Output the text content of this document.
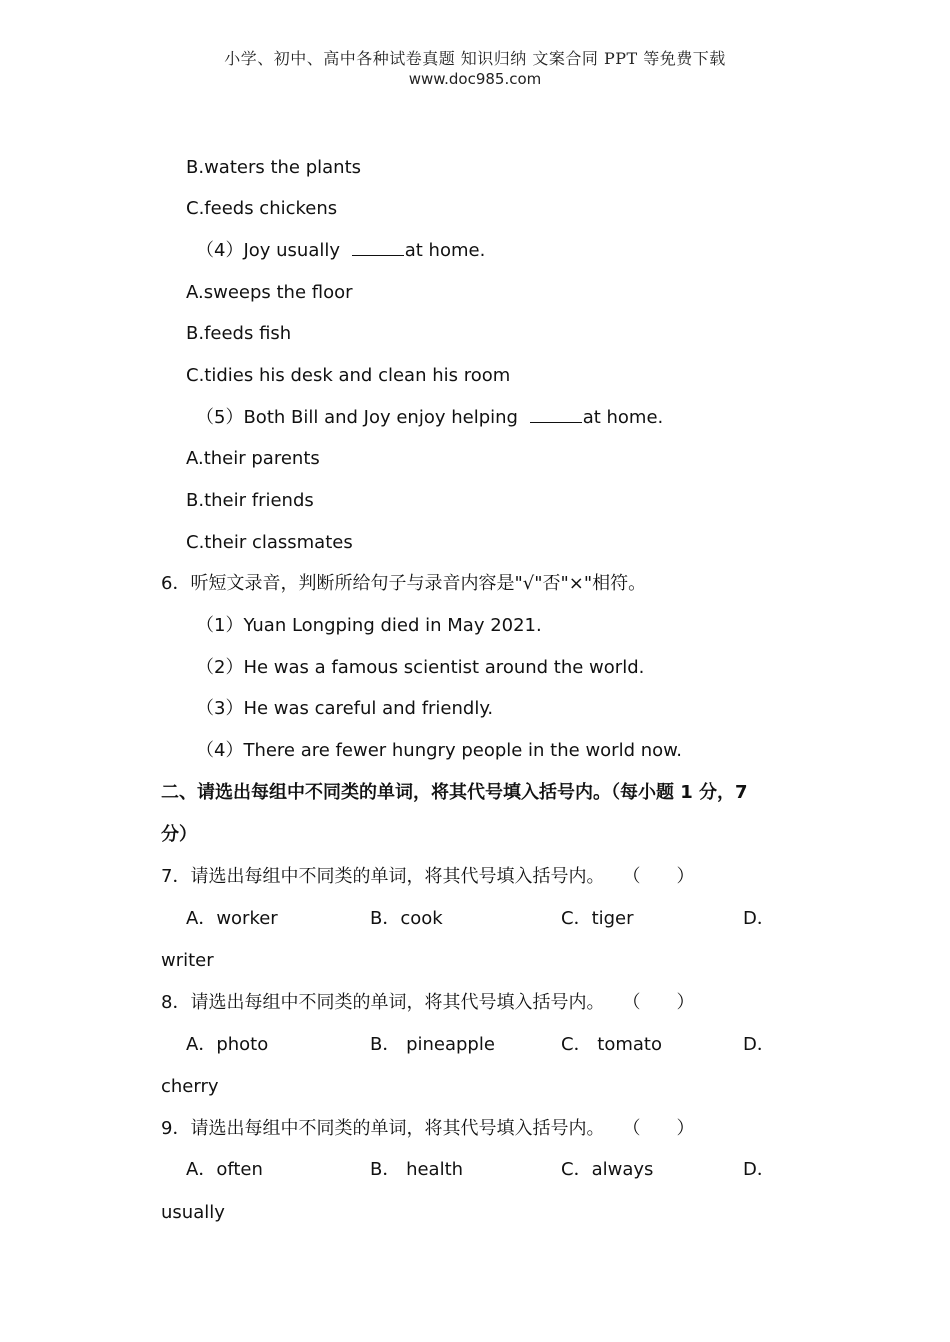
小学、初中、高中各种试卷真题 知识归纳 文案合同 PPT 等免费下载
www.doc985.com
B.waters the plants
C.feeds chickens
（4）Joy usually	at home.
A.sweeps the floor
B.feeds fish
C.tidies his desk and clean his room
（5）Both Bill and Joy enjoy helping	at home.
A.their parents
B.their friends
C.their classmates
6．听短文录音，判断所给句子与录音内容是"√"否"×"相符。
（1）Yuan Longping died in May 2021.
（2）He was a famous scientist around the world.
（3）He was careful and friendly.
（4）There are fewer hungry people in the world now.
二、请选出每组中不同类的单词，将其代号填入括号内。（每小题 1 分，7
分）
7．请选出每组中不同类的单词，将其代号填入括号内。 （　　）
A．worker	B．cook	C．tiger	D．
writer
8．请选出每组中不同类的单词，将其代号填入括号内。 （　　）
A．photo	B． pineapple	C． tomato	D．
cherry
9．请选出每组中不同类的单词，将其代号填入括号内。 （　　）
A．often	B． health	C．always	D．
usually
